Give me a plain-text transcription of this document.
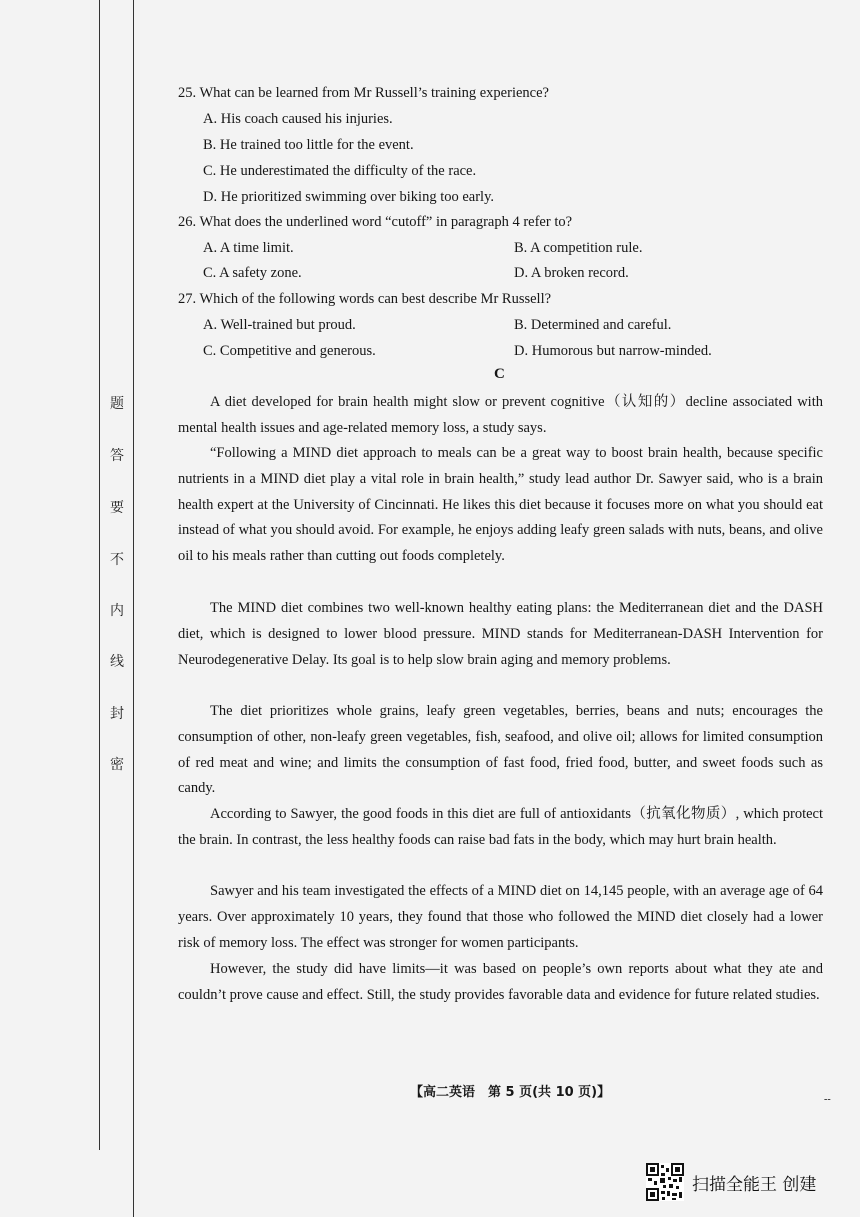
题
答
要
不
内
线
封
密
25. What can be learned from Mr Russell’s training experience?
A. His coach caused his injuries.
B. He trained too little for the event.
C. He underestimated the difficulty of the race.
D. He prioritized swimming over biking too early.
26. What does the underlined word “cutoff” in paragraph 4 refer to?
A. A time limit.	B. A competition rule.
C. A safety zone.	D. A broken record.
27. Which of the following words can best describe Mr Russell?
A. Well-trained but proud.	B. Determined and careful.
C. Competitive and generous.	D. Humorous but narrow-minded.
C

A diet developed for brain health might slow or prevent cognitive（认知的）decline associated with mental health issues and age-related memory loss, a study says.

“Following a MIND diet approach to meals can be a great way to boost brain health, because specific nutrients in a MIND diet play a vital role in brain health,” study lead author Dr. Sawyer said, who is a brain health expert at the University of Cincinnati. He likes this diet because it focuses more on what you should eat instead of what you should avoid. For example, he enjoys adding leafy green salads with nuts, beans, and olive oil to his meals rather than cutting out foods completely.

The MIND diet combines two well-known healthy eating plans: the Mediterranean diet and the DASH diet, which is designed to lower blood pressure. MIND stands for Mediterranean-DASH Intervention for Neurodegenerative Delay. Its goal is to help slow brain aging and memory problems.

The diet prioritizes whole grains, leafy green vegetables, berries, beans and nuts; encourages the consumption of other, non-leafy green vegetables, fish, seafood, and olive oil; allows for limited consumption of red meat and wine; and limits the consumption of fast food, fried food, butter, and sweet foods such as candy.

According to Sawyer, the good foods in this diet are full of antioxidants（抗氧化物质）, which protect the brain. In contrast, the less healthy foods can raise bad fats in the body, which may hurt brain health.

Sawyer and his team investigated the effects of a MIND diet on 14,145 people, with an average age of 64 years. Over approximately 10 years, they found that those who followed the MIND diet closely had a lower risk of memory loss. The effect was stronger for women participants.

However, the study did have limits—it was based on people’s own reports about what they ate and couldn’t prove cause and effect. Still, the study provides favorable data and evidence for future related studies.

【高二英语　第 5 页(共 10 页)】	--
扫描全能王 创建
